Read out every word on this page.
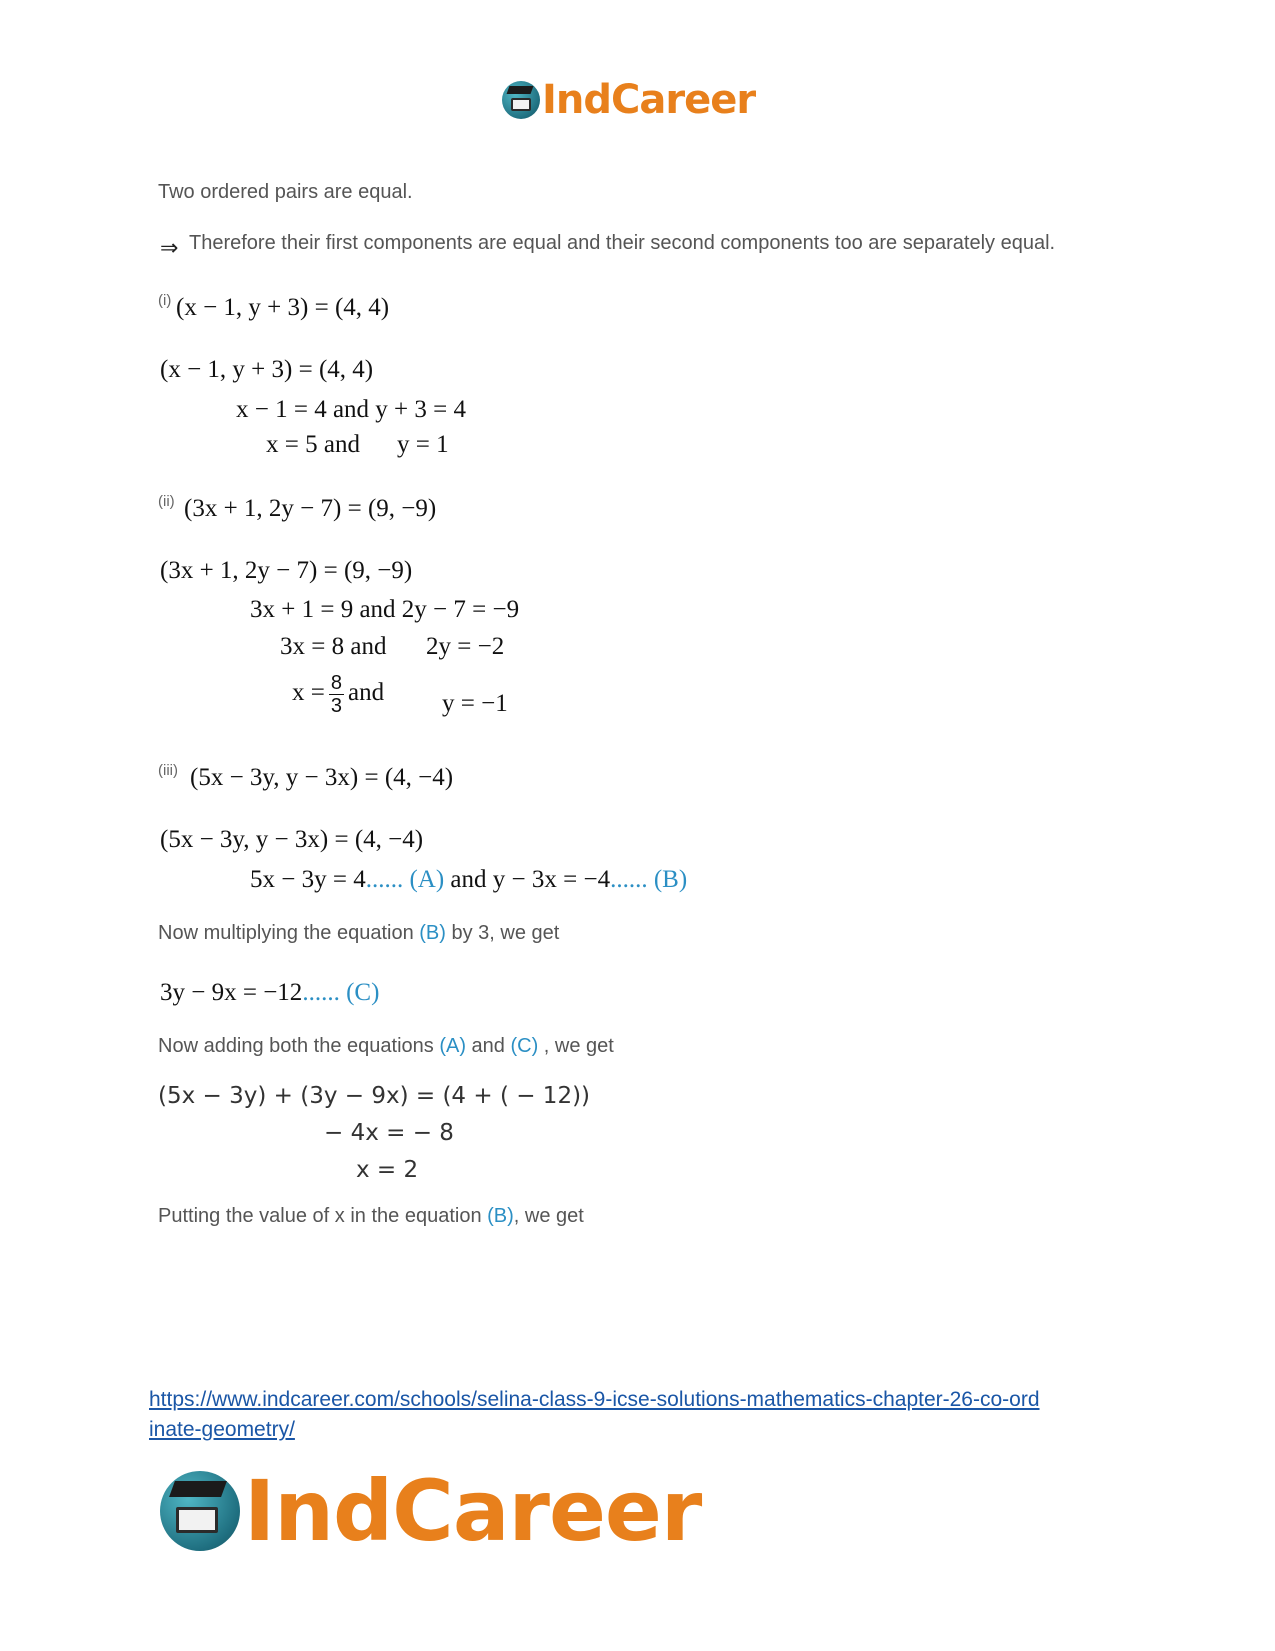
IndCareer
Two ordered pairs are equal.
⇒ Therefore their first components are equal and their second components too are separately equal.
(i) (x − 1, y + 3) = (4, 4)
(x − 1, y + 3) = (4, 4)
x − 1 = 4 and y + 3 = 4
x = 5 and y = 1
(ii) (3x + 1, 2y − 7) = (9, −9)
(3x + 1, 2y − 7) = (9, −9)
3x + 1 = 9 and 2y − 7 = −9
3x = 8 and 2y = −2
$x = \frac{8}{3}$ and y = −1
(iii) (5x − 3y, y − 3x) = (4, −4)
(5x − 3y, y − 3x) = (4, −4)
5x − 3y = 4...... (A) and y − 3x = −4...... (B)
Now multiplying the equation (B) by 3, we get
3y − 9x = −12...... (C)
Now adding both the equations (A) and (C) , we get
(5x − 3y) + (3y − 9x) = (4 + ( − 12))
− 4x = − 8
x = 2
Putting the value of x in the equation (B), we get
https://www.indcareer.com/schools/selina-class-9-icse-solutions-mathematics-chapter-26-co-ord
inate-geometry/
IndCareer
